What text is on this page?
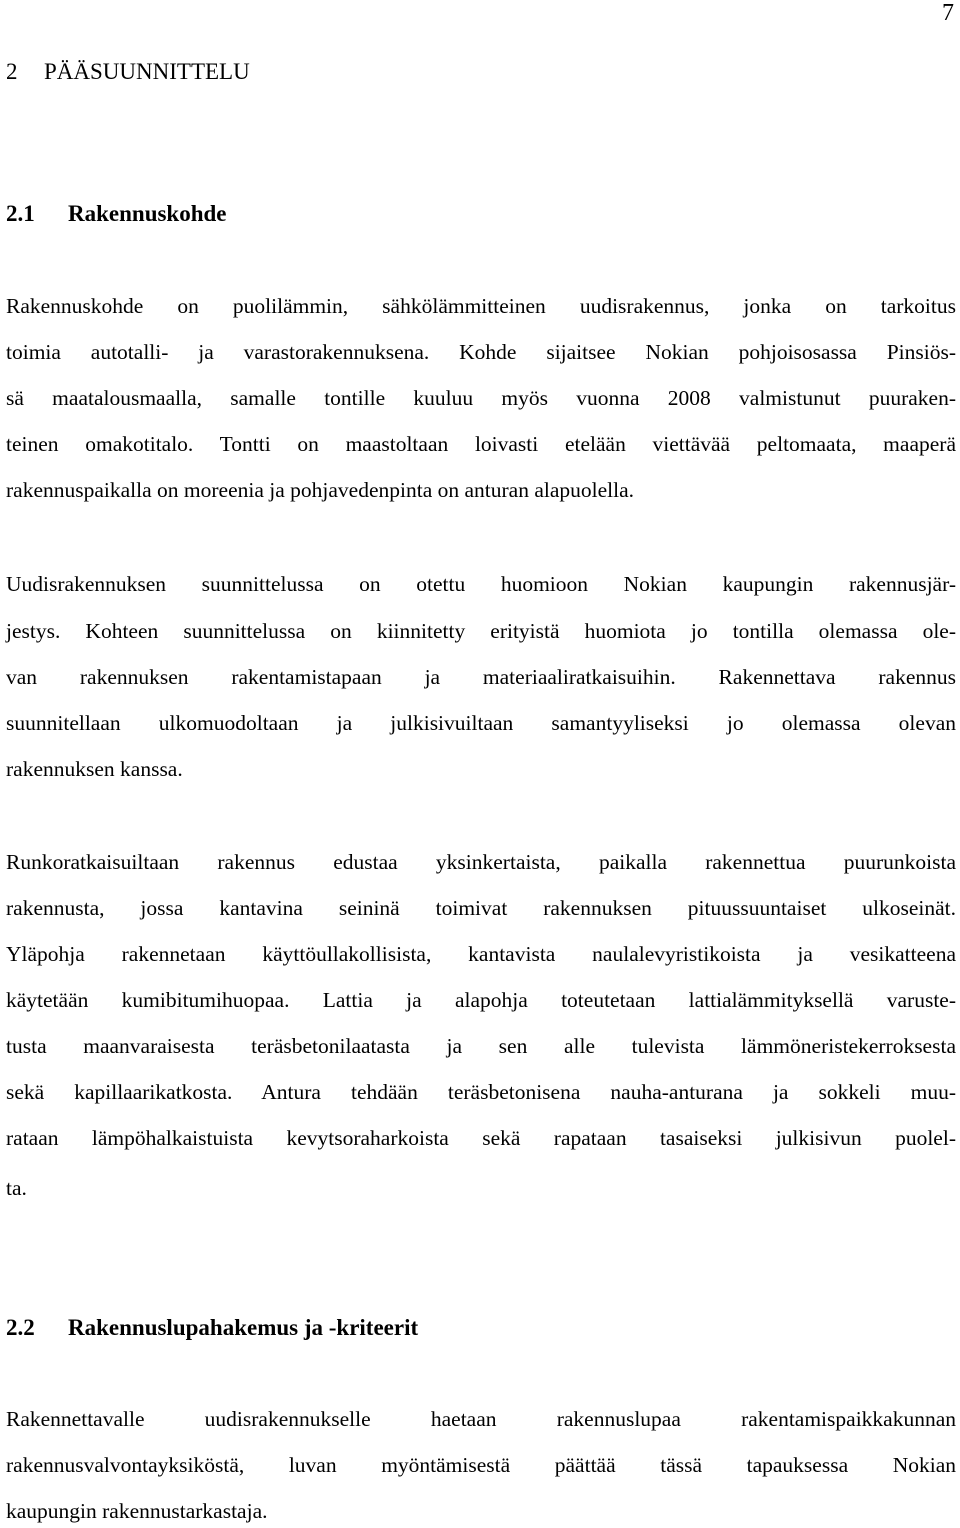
7
2 PÄÄSUUNNITTELU
2.1 Rakennuskohde
Rakennuskohde on puolilämmin, sähkölämmitteinen uudisrakennus, jonka on tarkoitus
toimia autotalli- ja varastorakennuksena. Kohde sijaitsee Nokian pohjoisosassa Pinsiös-
sä maatalousmaalla, samalle tontille kuuluu myös vuonna 2008 valmistunut puuraken-
teinen omakotitalo. Tontti on maastoltaan loivasti etelään viettävää peltomaata, maaperä
rakennuspaikalla on moreenia ja pohjavedenpinta on anturan alapuolella.
Uudisrakennuksen suunnittelussa on otettu huomioon Nokian kaupungin rakennusjär-
jestys. Kohteen suunnittelussa on kiinnitetty erityistä huomiota jo tontilla olemassa ole-
van rakennuksen rakentamistapaan ja materiaaliratkaisuihin. Rakennettava rakennus
suunnitellaan ulkomuodoltaan ja julkisivuiltaan samantyyliseksi jo olemassa olevan
rakennuksen kanssa.
Runkoratkaisuiltaan rakennus edustaa yksinkertaista, paikalla rakennettua puurunkoista
rakennusta, jossa kantavina seininä toimivat rakennuksen pituussuuntaiset ulkoseinät.
Yläpohja rakennetaan käyttöullakollisista, kantavista naulalevyristikoista ja vesikatteena
käytetään kumibitumihuopaa. Lattia ja alapohja toteutetaan lattialämmityksellä varuste-
tusta maanvaraisesta teräsbetonilaatasta ja sen alle tulevista lämmöneristekerroksesta
sekä kapillaarikatkosta. Antura tehdään teräsbetonisena nauha-anturana ja sokkeli muu-
rataan lämpöhalkaistuista kevytsoraharkoista sekä rapataan tasaiseksi julkisivun puolel-
ta.
2.2 Rakennuslupahakemus ja -kriteerit
Rakennettavalle uudisrakennukselle haetaan rakennuslupaa rakentamispaikkakunnan
rakennusvalvontayksiköstä, luvan myöntämisestä päättää tässä tapauksessa Nokian
kaupungin rakennustarkastaja.
